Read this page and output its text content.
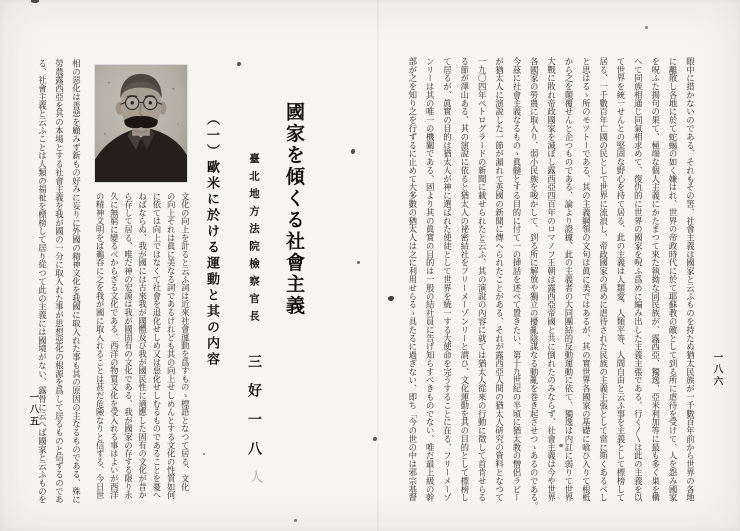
國家を傾くる社會主義
臺北地方法院檢察官長三好一八人
（一）歐米に於ける運動と其の内容
文化の向上を計ると云ふ詞は近來社會運動を爲すものゝ標語となつて居る、文化
の向上それは眞に美なる詞であるけれども其の向上せしめんとする文化の性質如何
に依ては向上ではなくて社會を退化せしめ又は惡化せしむるものであることを憂へ
ねばならぬ、我が國には古來我が國體及び我が國民性に適應した固有の文化が昔か
ら存して居る、唯だ神の宏謨は我が國固有の文化である、我が國家の存する限り永
久に無窮に變るべからざる文化である、西洋の物質文化を受入れる事はよいが西洋
の精神文明をば鵜呑に之を我が國に取入れることは甚だ危險なりと信ずる、今日世
相の惡化は善惡を顧みず新もの好みに妄りに外國の精神文化を我國に取入れた事も其の原因の主なるものである、殊に
勞農露西亞を其の本場とする社會主義を我が國の一分に取入れた事が思想惡化の根源を爲して居るものと信ずるのであ
る、社會主義と云ふことは人類の福祉を標榜して居り從つて此の主義には國境がない、露骨に云へば國家と云ふものを
一八五	眼中に措かないのである、それもその筈、社會主義は國家と云ふものを持たぬ猶太民族が一千數百年前から世界の各地
に離散し各地に於て蛇蝎の如く嫌はれ、世界の帝政時代に於て耶蘇教の敵として到る所に虐待を受けて、人を怨み國家
を呪ふた揚句の果て、極端な個人主義にかたまつて來た執拗な同民族が、露西亞、獨逸、亞米利加等に最も多く巣を構
へて同族相通じ同氣相求めて、復仇的に世界の國家を呪ふ爲めに編み出した主義主張である、行く〱は此の主義を以
て世界を統一せんとの堅固な野心を持て居る、此の主義は人類愛、人類平等、人間自由と云ふ事を主義として標榜して
居る、一千數百年亡國の民として世界に流浪し、帝政國家の爲めに虐待された民族の主義主張として當に斯くあるべし
と思はるゝ所のモツトーである、其の主義綱領の文句は眞に美ではあるが、其の實世界各國家の基礎に喰ひ入りて根柢
から之を顛覆せんと企つものである、論より證據、此の主義者の大同團結的反動運動に依て、獨逸は内訌に弱りて世界
大戰に敗れ帝政國家を滅ぼし露西亞四百年のロマノフ王朝は露西亞帝國と共に倒れたのみならず、社會主義は今や世界
各國家の勞農に取入り、弱小民族を唆かして、到る所に解放や獨立の擾亂陰謀なる動亂を巻き起させつゝあるのである。
今茲に社會主義なるものゝ眞髓とする目的に付て一の挿話を述べて置きたい、第十九世紀の半頃に猶太教の僧侶ラビー
が猶太人に演說した一節が漏れて英國の新聞に傳へられたことがある、それが露西亞人間の猶太人研究の資料となつて
一九〇四年ペトログラードの新聞に載せられたと云ふ、其の演說の內容に就ては猶太人從來の行動に徵して首肯せらる
る節が澤山ある、其の演說に依ると猶太人の祕密結社をフリーメーゾンリーと謂ひ、文化運動を其の目的として標榜し
て居るが、眞實の目的は猶太人が神に選ばれた使徒として世界を統一する大使命を完うすることに在る、フリーメーゾ
ンリーは其の唯一の機關である、固より其の眞實の目的は一般の結社員に告げ知らすべきものでない、唯だ最上級の幹
部が之を知り之を行ずるに止めて大多數の猶太人は之に利用せらるゝ具たるに過ぎない、即ち「今の世の中は邪宗基督	一八六
